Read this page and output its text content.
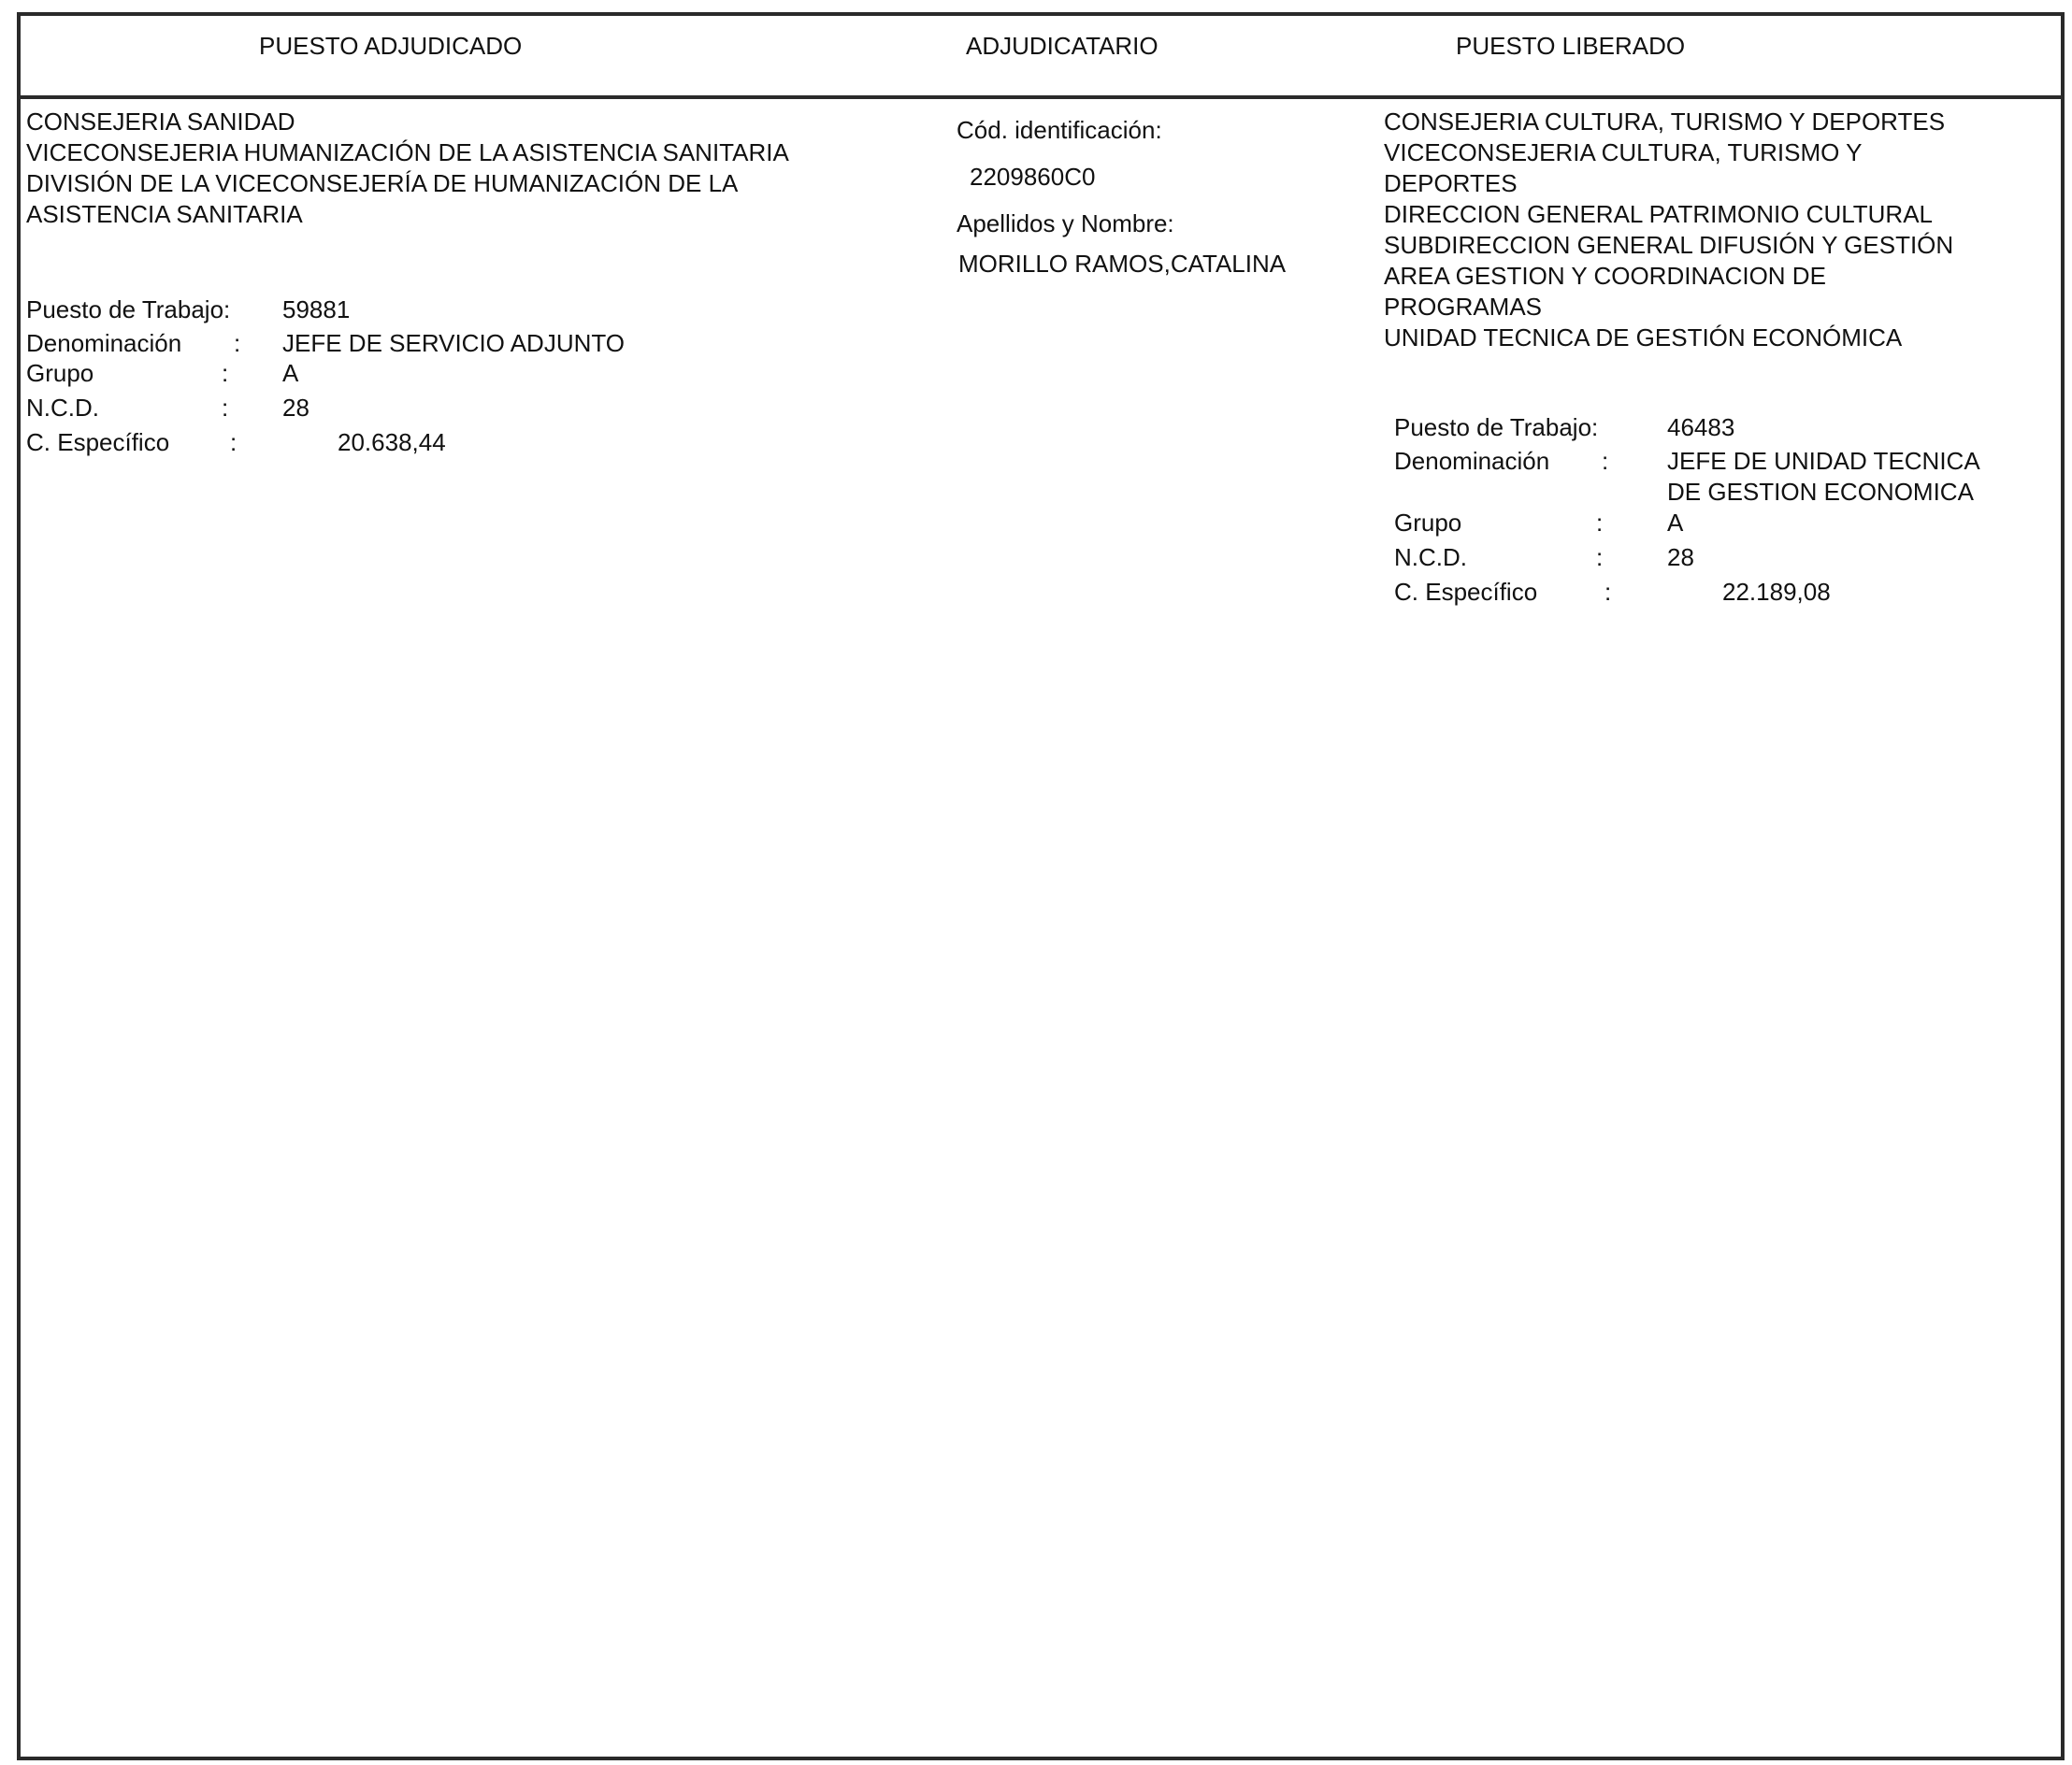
PUESTO ADJUDICADO	ADJUDICATARIO	PUESTO LIBERADO
CONSEJERIA SANIDAD
VICECONSEJERIA HUMANIZACIÓN DE LA ASISTENCIA SANITARIA
DIVISIÓN DE LA VICECONSEJERÍA DE HUMANIZACIÓN DE LA
ASISTENCIA SANITARIA
Puesto de Trabajo: 59881
Denominación : JEFE DE SERVICIO ADJUNTO
Grupo	: A
N.C.D.	: 28
C. Específico :	20.638,44
Cód. identificación:
2209860C0
Apellidos y Nombre:
MORILLO RAMOS,CATALINA
CONSEJERIA CULTURA, TURISMO Y DEPORTES
VICECONSEJERIA CULTURA, TURISMO Y
DEPORTES
DIRECCION GENERAL PATRIMONIO CULTURAL
SUBDIRECCION GENERAL DIFUSIÓN Y GESTIÓN
AREA GESTION Y COORDINACION DE
PROGRAMAS
UNIDAD TECNICA DE GESTIÓN ECONÓMICA
Puesto de Trabajo:	46483
Denominación : JEFE DE UNIDAD TECNICA
DE GESTION ECONOMICA
Grupo	:	A
N.C.D.	:	28
C. Específico	:	22.189,08
